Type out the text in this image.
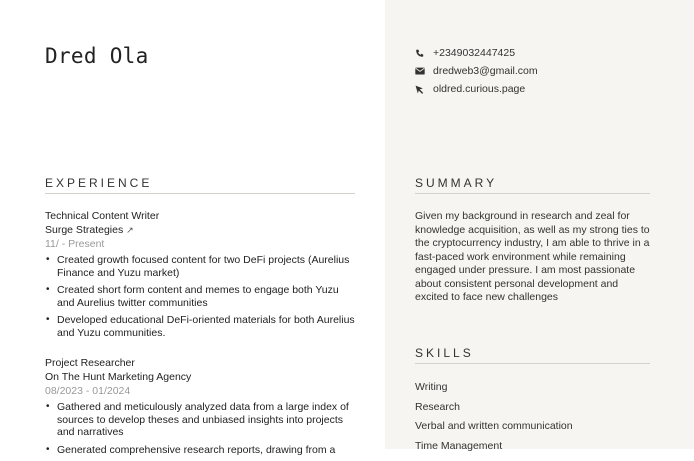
Dred Ola
EXPERIENCE
Technical Content Writer
Surge Strategies ↗
11/ - Present
• Created growth focused content for two DeFi projects (Aurelius Finance and Yuzu market)
• Created short form content and memes to engage both Yuzu and Aurelius twitter communities
• Developed educational DeFi-oriented materials for both Aurelius and Yuzu communities.
Project Researcher
On The Hunt Marketing Agency
08/2023 - 01/2024
• Gathered and meticulously analyzed data from a large index of sources to develop theses and unbiased insights into projects and narratives
• Generated comprehensive research reports, drawing from a
+2349032447425
dredweb3@gmail.com
oldred.curious.page
SUMMARY
Given my background in research and zeal for knowledge acquisition, as well as my strong ties to the cryptocurrency industry, I am able to thrive in a fast-paced work environment while remaining engaged under pressure. I am most passionate about consistent personal development and excited to face new challenges
SKILLS
Writing
Research
Verbal and written communication
Time Management
